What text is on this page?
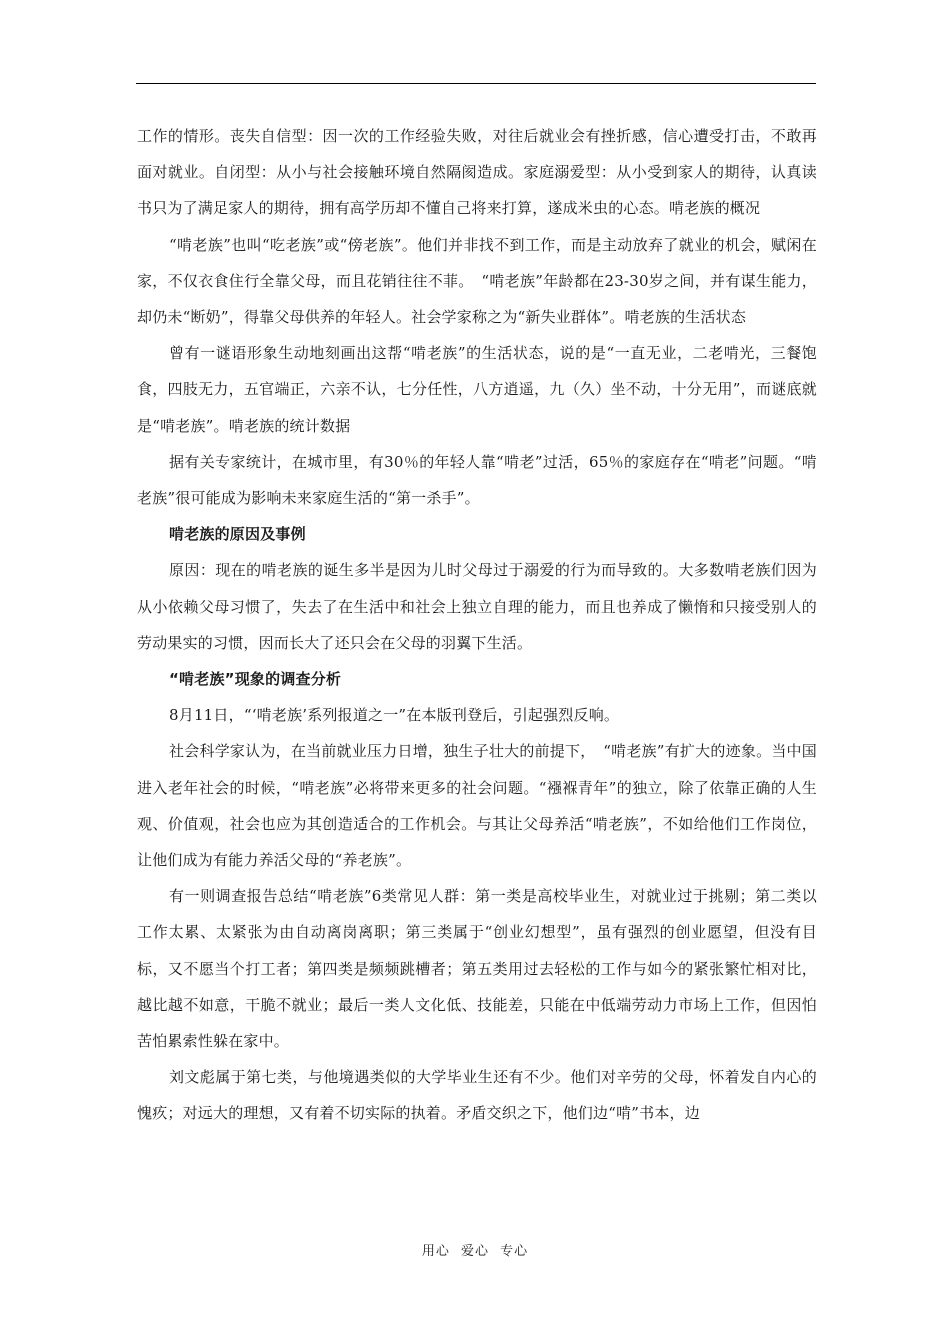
工作的情形。丧失自信型：因一次的工作经验失败，对往后就业会有挫折感，信心遭受打击，不敢再面对就业。自闭型：从小与社会接触环境自然隔阂造成。家庭溺爱型：从小受到家人的期待，认真读书只为了满足家人的期待，拥有高学历却不懂自己将来打算，遂成米虫的心态。啃老族的概况

“啃老族”也叫“吃老族”或“傍老族”。他们并非找不到工作，而是主动放弃了就业的机会，赋闲在家，不仅衣食住行全靠父母，而且花销往往不菲。　“啃老族”年龄都在23-30岁之间，并有谋生能力，却仍未“断奶”，得靠父母供养的年轻人。社会学家称之为“新失业群体”。啃老族的生活状态

曾有一谜语形象生动地刻画出这帮“啃老族”的生活状态，说的是“一直无业，二老啃光，三餐饱食，四肢无力，五官端正，六亲不认，七分任性，八方逍遥，九（久）坐不动，十分无用”，而谜底就是“啃老族”。啃老族的统计数据

据有关专家统计，在城市里，有30％的年轻人靠“啃老”过活，65％的家庭存在“啃老”问题。“啃老族”很可能成为影响未来家庭生活的“第一杀手”。

啃老族的原因及事例

原因：现在的啃老族的诞生多半是因为儿时父母过于溺爱的行为而导致的。大多数啃老族们因为从小依赖父母习惯了，失去了在生活中和社会上独立自理的能力，而且也养成了懒惰和只接受别人的劳动果实的习惯，因而长大了还只会在父母的羽翼下生活。

“啃老族”现象的调查分析

8月11日，“‘啃老族’系列报道之一”在本版刊登后，引起强烈反响。

社会科学家认为，在当前就业压力日增，独生子壮大的前提下，　“啃老族”有扩大的迹象。当中国进入老年社会的时候，“啃老族”必将带来更多的社会问题。“襁褓青年”的独立，除了依靠正确的人生观、价值观，社会也应为其创造适合的工作机会。与其让父母养活“啃老族”，不如给他们工作岗位，让他们成为有能力养活父母的“养老族”。

有一则调查报告总结“啃老族”6类常见人群：第一类是高校毕业生，对就业过于挑剔；第二类以工作太累、太紧张为由自动离岗离职；第三类属于“创业幻想型”，虽有强烈的创业愿望，但没有目标，又不愿当个打工者；第四类是频频跳槽者；第五类用过去轻松的工作与如今的紧张繁忙相对比，越比越不如意，干脆不就业；最后一类人文化低、技能差，只能在中低端劳动力市场上工作，但因怕苦怕累索性躲在家中。

刘文彪属于第七类，与他境遇类似的大学毕业生还有不少。他们对辛劳的父母，怀着发自内心的愧疚；对远大的理想，又有着不切实际的执着。矛盾交织之下，他们边“啃”书本，边

用心 爱心 专心
